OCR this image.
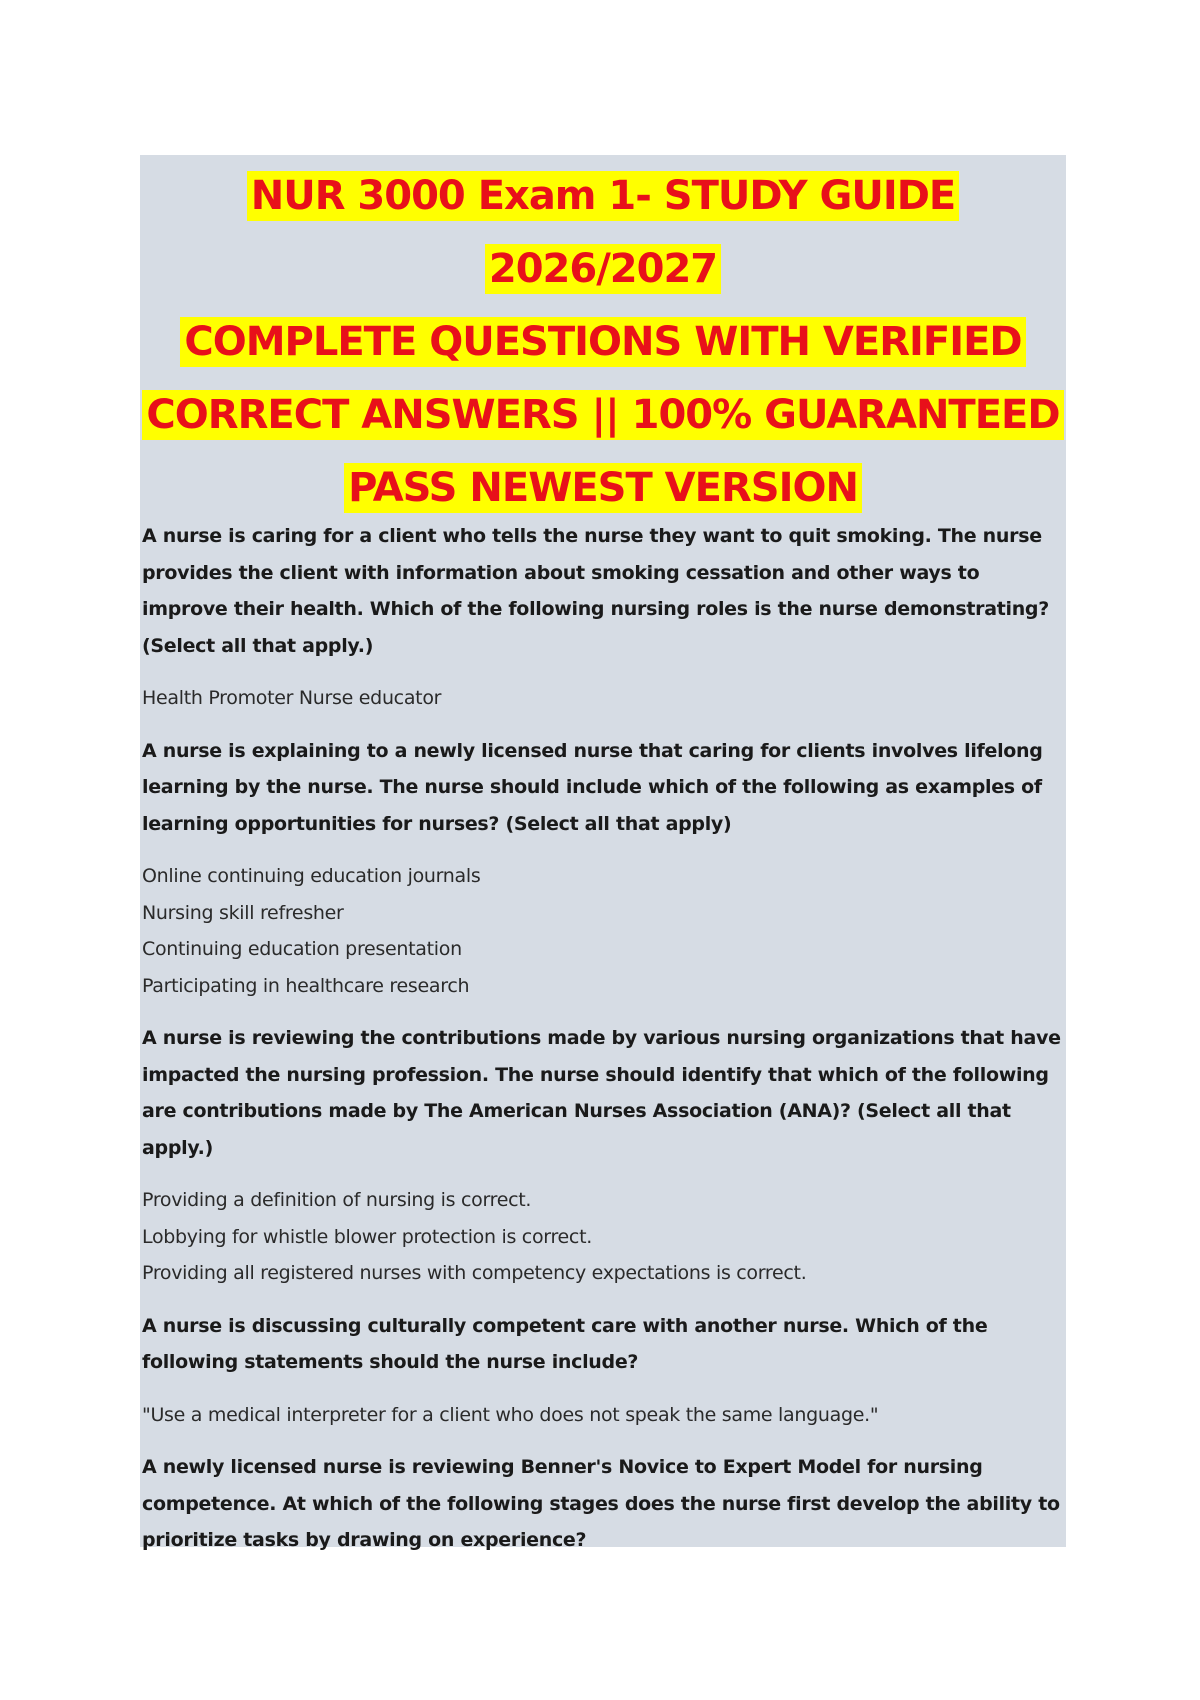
NUR 3000 Exam 1- STUDY GUIDE 2026/2027
COMPLETE QUESTIONS WITH VERIFIED
CORRECT ANSWERS || 100% GUARANTEED
PASS NEWEST VERSION
A nurse is caring for a client who tells the nurse they want to quit smoking. The nurse provides the client with information about smoking cessation and other ways to improve their health. Which of the following nursing roles is the nurse demonstrating? (Select all that apply.)
Health Promoter Nurse educator
A nurse is explaining to a newly licensed nurse that caring for clients involves lifelong learning by the nurse. The nurse should include which of the following as examples of learning opportunities for nurses? (Select all that apply)
Online continuing education journals
Nursing skill refresher
Continuing education presentation
Participating in healthcare research
A nurse is reviewing the contributions made by various nursing organizations that have impacted the nursing profession. The nurse should identify that which of the following are contributions made by The American Nurses Association (ANA)? (Select all that apply.)
Providing a definition of nursing is correct.
Lobbying for whistle blower protection is correct.
Providing all registered nurses with competency expectations is correct.
A nurse is discussing culturally competent care with another nurse. Which of the following statements should the nurse include?
"Use a medical interpreter for a client who does not speak the same language."
A newly licensed nurse is reviewing Benner's Novice to Expert Model for nursing competence. At which of the following stages does the nurse first develop the ability to prioritize tasks by drawing on experience?
